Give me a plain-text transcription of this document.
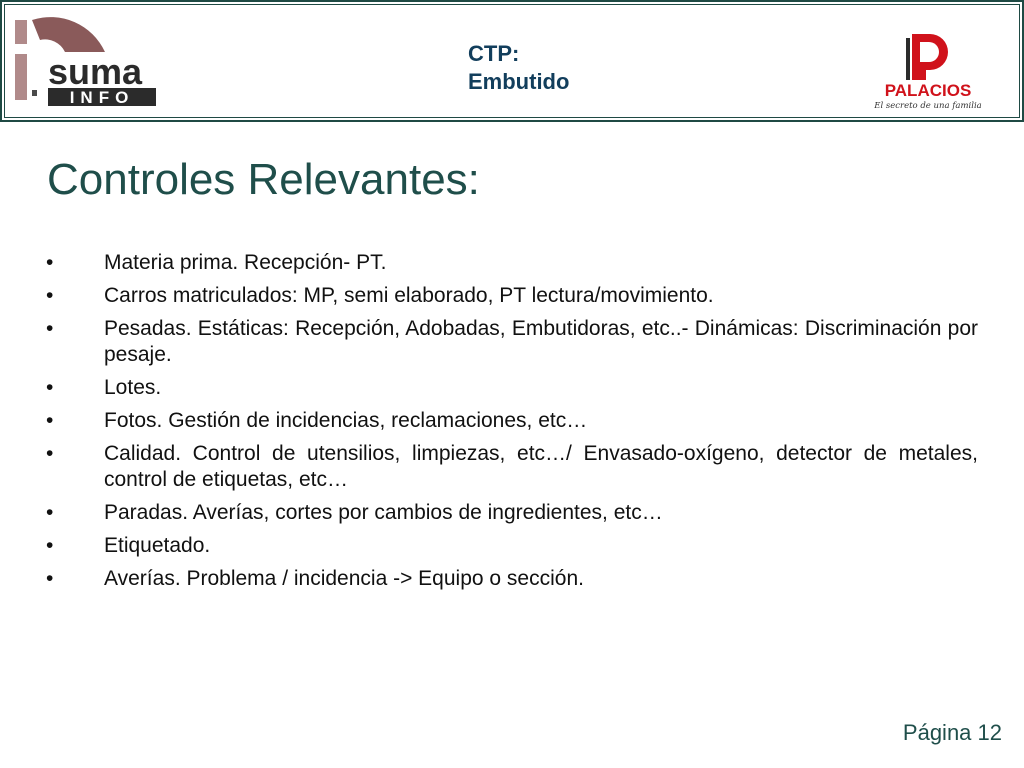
suma
INFO
CTP:
Embutido	PALACIOS
El secreto de una familia
Controles Relevantes:
• Materia prima. Recepción- PT.
• Carros matriculados: MP, semi elaborado, PT lectura/movimiento.
• Pesadas. Estáticas: Recepción, Adobadas, Embutidoras, etc..- Dinámicas: Discriminación por pesaje.
• Lotes.
• Fotos. Gestión de incidencias, reclamaciones, etc…
• Calidad. Control de utensilios, limpiezas, etc…/ Envasado-oxígeno, detector de metales, control de etiquetas, etc…
• Paradas. Averías, cortes por cambios de ingredientes, etc…
• Etiquetado.
• Averías. Problema / incidencia -> Equipo o sección.
Página 12
